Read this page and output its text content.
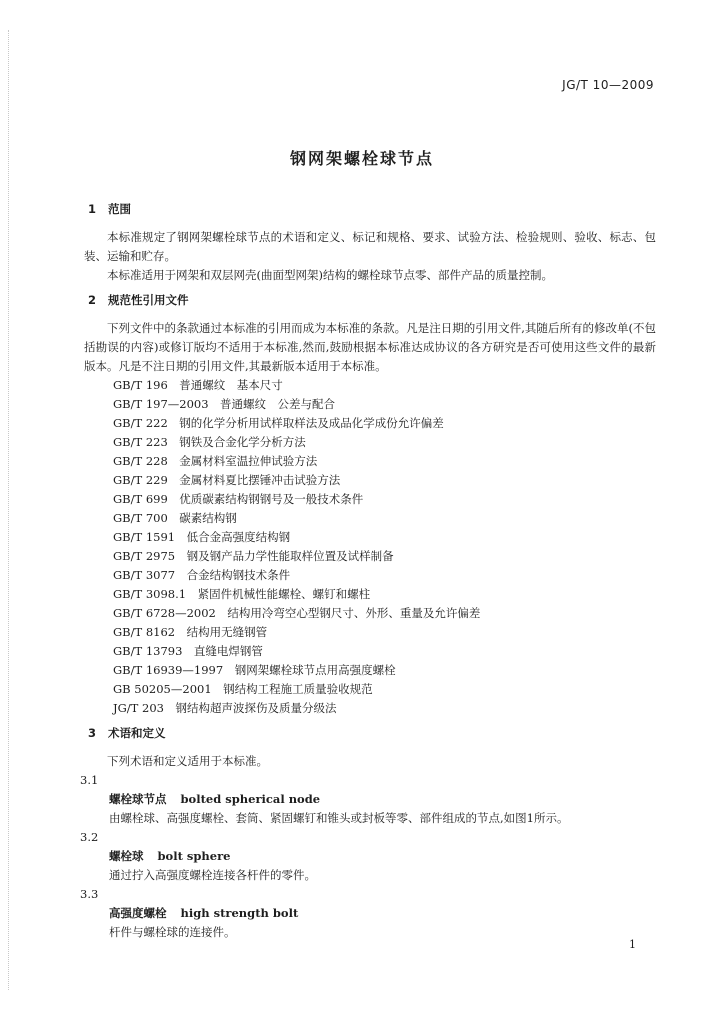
JG/T 10—2009
钢网架螺栓球节点
1 范围
本标准规定了钢网架螺栓球节点的术语和定义、标记和规格、要求、试验方法、检验规则、验收、标志、包装、运输和贮存。
本标准适用于网架和双层网壳(曲面型网架)结构的螺栓球节点零、部件产品的质量控制。
2 规范性引用文件
下列文件中的条款通过本标准的引用而成为本标准的条款。凡是注日期的引用文件,其随后所有的修改单(不包括勘误的内容)或修订版均不适用于本标准,然而,鼓励根据本标准达成协议的各方研究是否可使用这些文件的最新版本。凡是不注日期的引用文件,其最新版本适用于本标准。
GB/T 196　普通螺纹　基本尺寸
GB/T 197—2003　普通螺纹　公差与配合
GB/T 222　钢的化学分析用试样取样法及成品化学成份允许偏差
GB/T 223　钢铁及合金化学分析方法
GB/T 228　金属材料室温拉伸试验方法
GB/T 229　金属材料夏比摆锤冲击试验方法
GB/T 699　优质碳素结构钢钢号及一般技术条件
GB/T 700　碳素结构钢
GB/T 1591　低合金高强度结构钢
GB/T 2975　钢及钢产品力学性能取样位置及试样制备
GB/T 3077　合金结构钢技术条件
GB/T 3098.1　紧固件机械性能螺栓、螺钉和螺柱
GB/T 6728—2002　结构用冷弯空心型钢尺寸、外形、重量及允许偏差
GB/T 8162　结构用无缝钢管
GB/T 13793　直缝电焊钢管
GB/T 16939—1997　钢网架螺栓球节点用高强度螺栓
GB 50205—2001　钢结构工程施工质量验收规范
JG/T 203　钢结构超声波探伤及质量分级法
3 术语和定义
下列术语和定义适用于本标准。
3.1
螺栓球节点 bolted spherical node
由螺栓球、高强度螺栓、套筒、紧固螺钉和锥头或封板等零、部件组成的节点,如图1所示。
3.2
螺栓球 bolt sphere
通过拧入高强度螺栓连接各杆件的零件。
3.3
高强度螺栓 high strength bolt
杆件与螺栓球的连接件。
1
